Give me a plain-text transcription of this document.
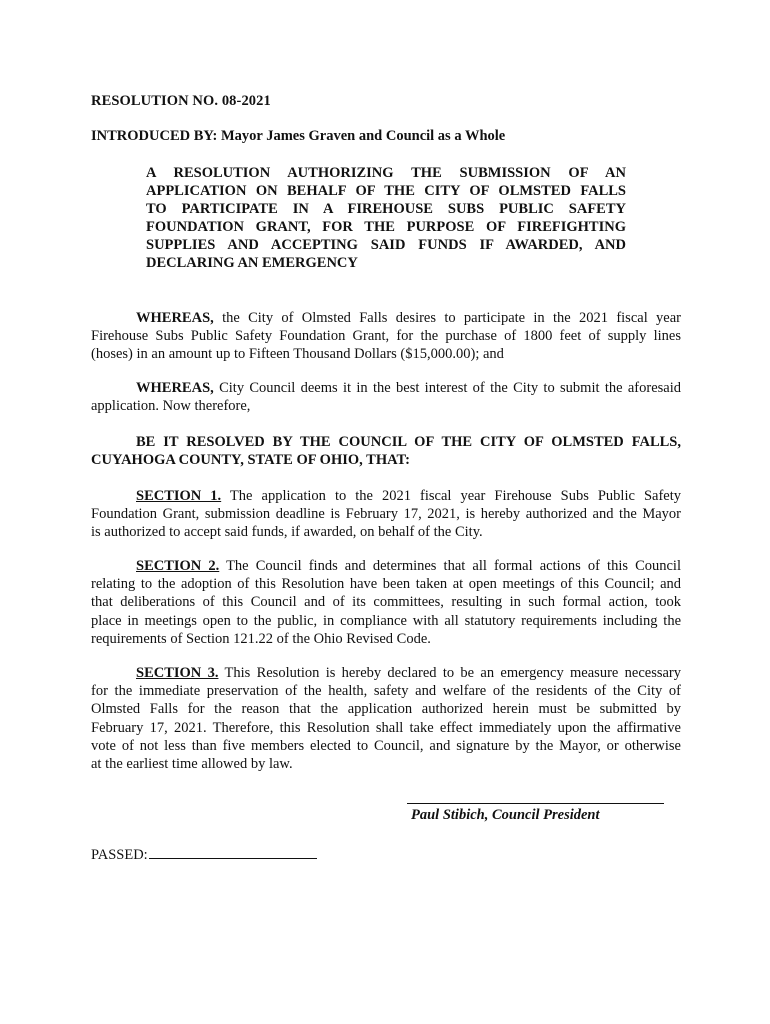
RESOLUTION NO. 08-2021
INTRODUCED BY: Mayor James Graven and Council as a Whole
A RESOLUTION AUTHORIZING THE SUBMISSION OF AN
APPLICATION ON BEHALF OF THE CITY OF OLMSTED FALLS
TO PARTICIPATE IN A FIREHOUSE SUBS PUBLIC SAFETY
FOUNDATION GRANT, FOR THE PURPOSE OF FIREFIGHTING
SUPPLIES AND ACCEPTING SAID FUNDS IF AWARDED, AND
DECLARING AN EMERGENCY
WHEREAS, the City of Olmsted Falls desires to participate in the 2021 fiscal year
Firehouse Subs Public Safety Foundation Grant, for the purchase of 1800 feet of supply lines
(hoses) in an amount up to Fifteen Thousand Dollars ($15,000.00); and
WHEREAS, City Council deems it in the best interest of the City to submit the aforesaid
application. Now therefore,
BE IT RESOLVED BY THE COUNCIL OF THE CITY OF OLMSTED FALLS,
CUYAHOGA COUNTY, STATE OF OHIO, THAT:
SECTION 1. The application to the 2021 fiscal year Firehouse Subs Public Safety
Foundation Grant, submission deadline is February 17, 2021, is hereby authorized and the Mayor
is authorized to accept said funds, if awarded, on behalf of the City.
SECTION 2. The Council finds and determines that all formal actions of this Council
relating to the adoption of this Resolution have been taken at open meetings of this Council; and
that deliberations of this Council and of its committees, resulting in such formal action, took
place in meetings open to the public, in compliance with all statutory requirements including the
requirements of Section 121.22 of the Ohio Revised Code.
SECTION 3. This Resolution is hereby declared to be an emergency measure necessary
for the immediate preservation of the health, safety and welfare of the residents of the City of
Olmsted Falls for the reason that the application authorized herein must be submitted by
February 17, 2021. Therefore, this Resolution shall take effect immediately upon the affirmative
vote of not less than five members elected to Council, and signature by the Mayor, or otherwise
at the earliest time allowed by law.
Paul Stibich, Council President
PASSED:
